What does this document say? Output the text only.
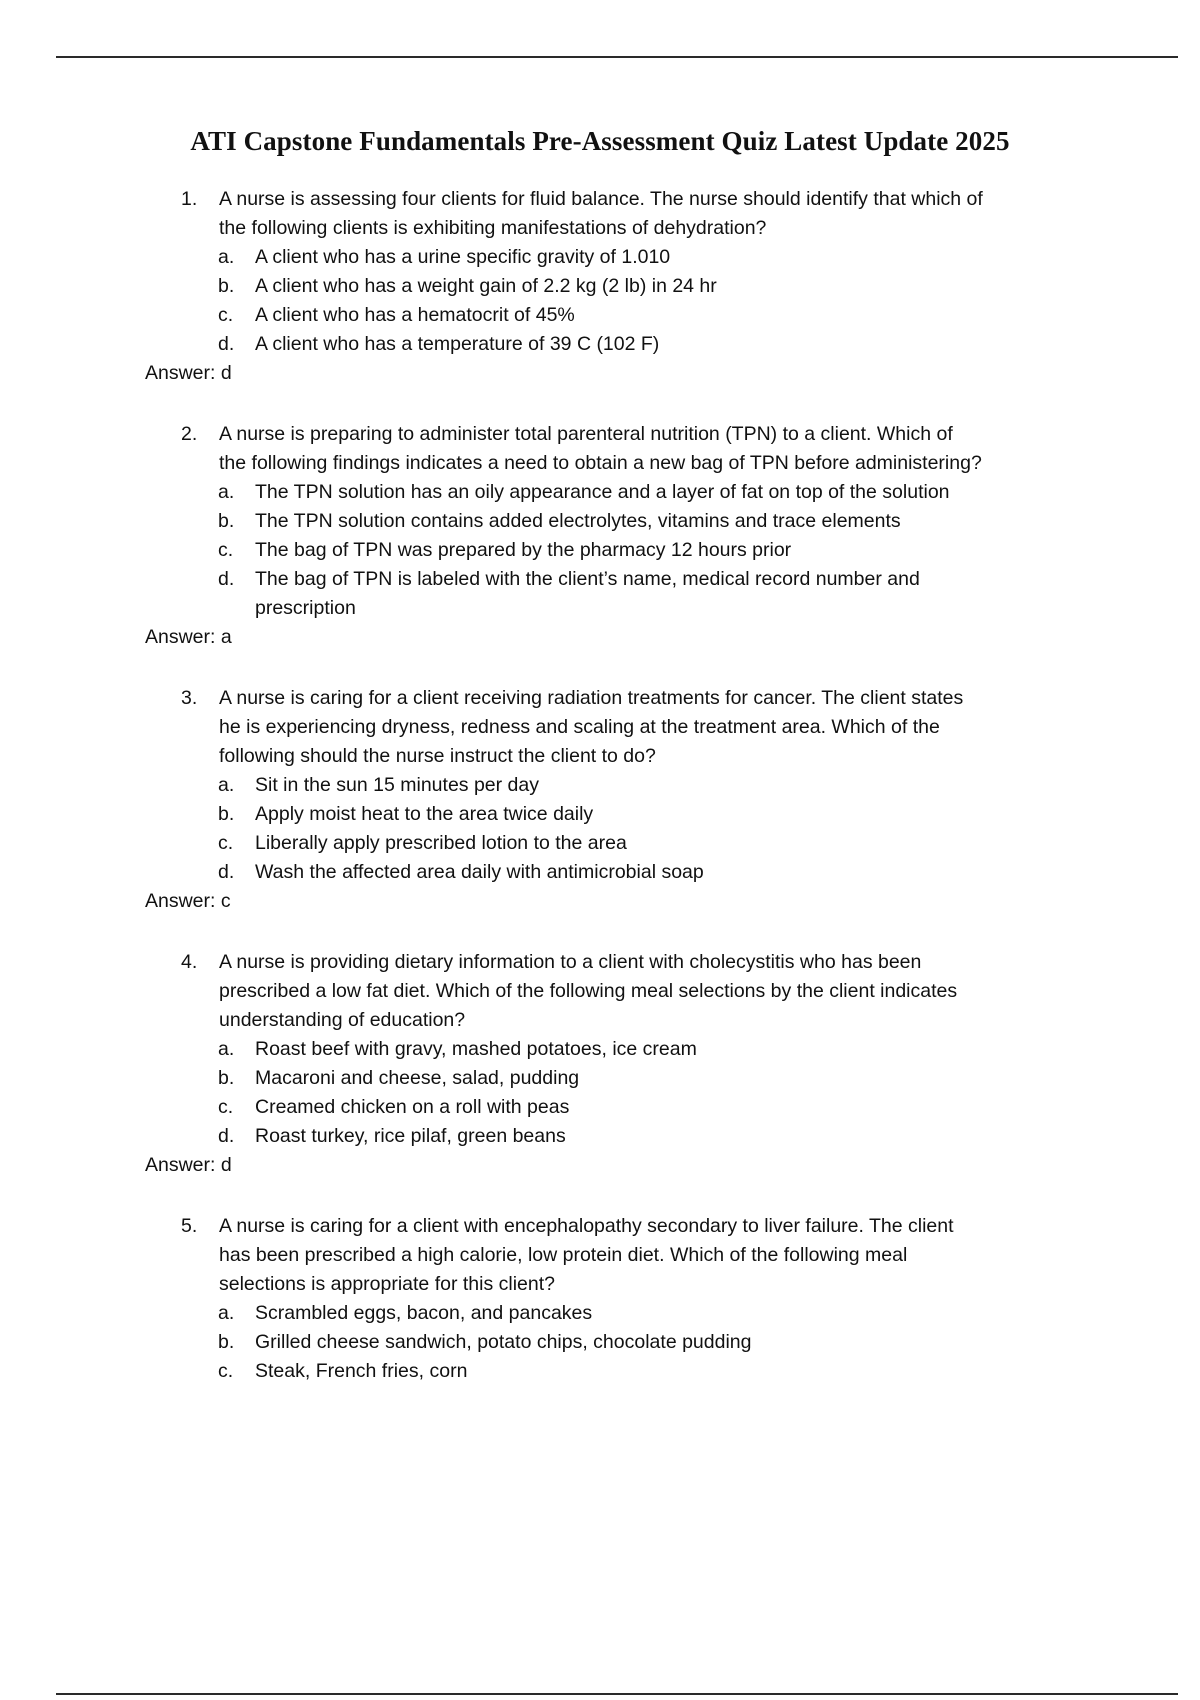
ATI Capstone Fundamentals Pre-Assessment Quiz Latest Update 2025
1. A nurse is assessing four clients for fluid balance. The nurse should identify that which of
the following clients is exhibiting manifestations of dehydration?
a. A client who has a urine specific gravity of 1.010
b. A client who has a weight gain of 2.2 kg (2 lb) in 24 hr
c. A client who has a hematocrit of 45%
d. A client who has a temperature of 39 C (102 F)
Answer: d
2. A nurse is preparing to administer total parenteral nutrition (TPN) to a client. Which of
the following findings indicates a need to obtain a new bag of TPN before administering?
a. The TPN solution has an oily appearance and a layer of fat on top of the solution
b. The TPN solution contains added electrolytes, vitamins and trace elements
c. The bag of TPN was prepared by the pharmacy 12 hours prior
d. The bag of TPN is labeled with the client’s name, medical record number and prescription
Answer: a
3. A nurse is caring for a client receiving radiation treatments for cancer. The client states
he is experiencing dryness, redness and scaling at the treatment area. Which of the
following should the nurse instruct the client to do?
a. Sit in the sun 15 minutes per day
b. Apply moist heat to the area twice daily
c. Liberally apply prescribed lotion to the area
d. Wash the affected area daily with antimicrobial soap
Answer: c
4. A nurse is providing dietary information to a client with cholecystitis who has been
prescribed a low fat diet. Which of the following meal selections by the client indicates
understanding of education?
a. Roast beef with gravy, mashed potatoes, ice cream
b. Macaroni and cheese, salad, pudding
c. Creamed chicken on a roll with peas
d. Roast turkey, rice pilaf, green beans
Answer: d
5. A nurse is caring for a client with encephalopathy secondary to liver failure. The client
has been prescribed a high calorie, low protein diet. Which of the following meal
selections is appropriate for this client?
a. Scrambled eggs, bacon, and pancakes
b. Grilled cheese sandwich, potato chips, chocolate pudding
c. Steak, French fries, corn
